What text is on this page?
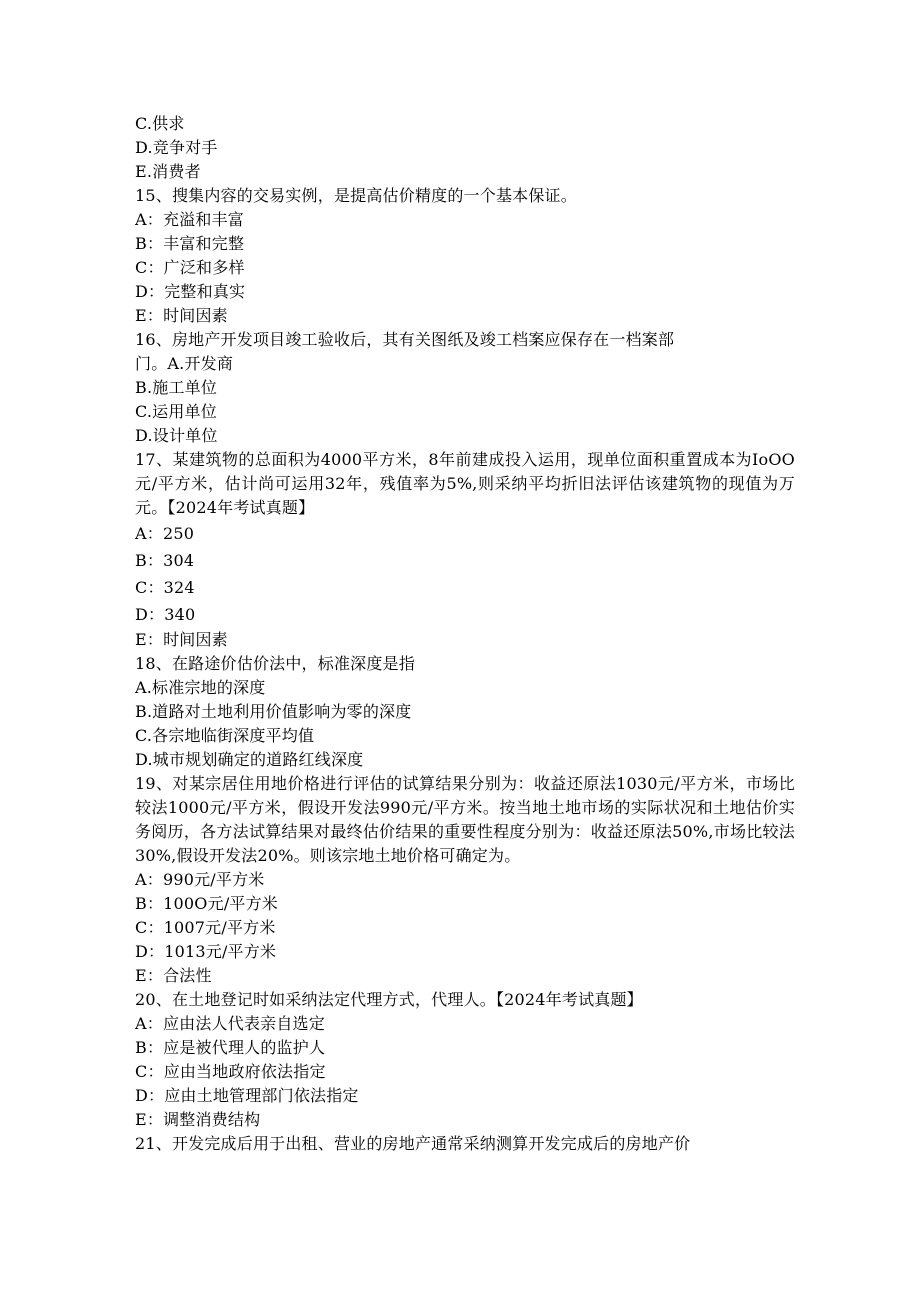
C.供求
D.竞争对手
E.消费者
15、搜集内容的交易实例，是提高估价精度的一个基本保证。
A：充溢和丰富
B：丰富和完整
C：广泛和多样
D：完整和真实
E：时间因素
16、房地产开发项目竣工验收后，其有关图纸及竣工档案应保存在一档案部
门。A.开发商
B.施工单位
C.运用单位
D.设计单位
17、某建筑物的总面积为4000平方米，8年前建成投入运用，现单位面积重置成本为IoOO元/平方米，估计尚可运用32年，残值率为5%,则采纳平均折旧法评估该建筑物的现值为万元。【2024年考试真题】
A：250
B：304
C：324
D：340
E：时间因素
18、在路途价估价法中，标准深度是指
A.标准宗地的深度
B.道路对土地利用价值影响为零的深度
C.各宗地临街深度平均值
D.城市规划确定的道路红线深度
19、对某宗居住用地价格进行评估的试算结果分别为：收益还原法1030元/平方米，市场比较法1000元/平方米，假设开发法990元/平方米。按当地土地市场的实际状况和土地估价实务阅历，各方法试算结果对最终估价结果的重要性程度分别为：收益还原法50%,市场比较法30%,假设开发法20%。则该宗地土地价格可确定为。
A：990元/平方米
B：100O元/平方米
C：1007元/平方米
D：1013元/平方米
E：合法性
20、在土地登记时如采纳法定代理方式，代理人。【2024年考试真题】
A：应由法人代表亲自选定
B：应是被代理人的监护人
C：应由当地政府依法指定
D：应由土地管理部门依法指定
E：调整消费结构
21、开发完成后用于出租、营业的房地产通常采纳测算开发完成后的房地产价
